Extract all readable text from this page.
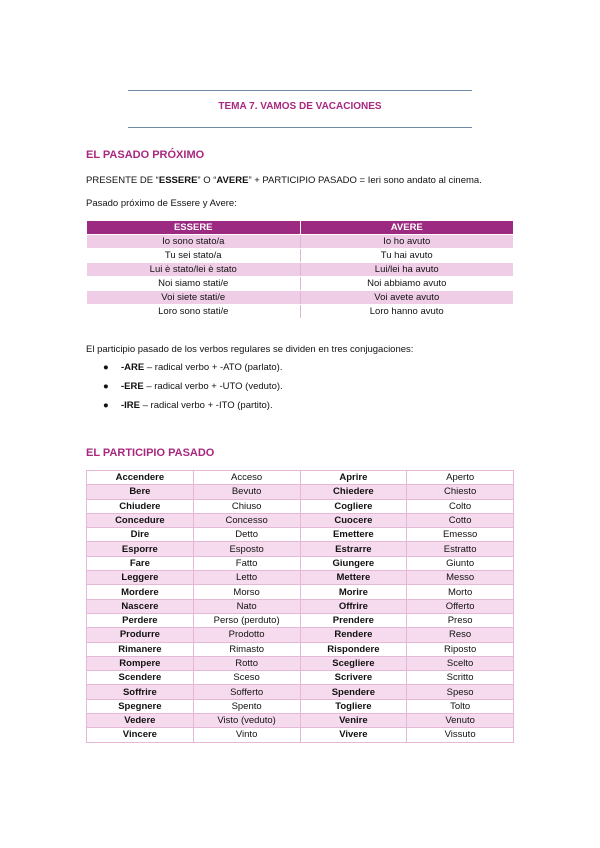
TEMA 7. VAMOS DE VACACIONES
EL PASADO PRÓXIMO
PRESENTE DE “ESSERE” O “AVERE” + PARTICIPIO PASADO = Ieri sono andato al cinema.
Pasado próximo de Essere y Avere:
ESSERE	AVERE
Io sono stato/a	Io ho avuto
Tu sei stato/a	Tu hai avuto
Lui è stato/lei è stato	Lui/lei ha avuto
Noi siamo stati/e	Noi abbiamo avuto
Voi siete stati/e	Voi avete avuto
Loro sono stati/e	Loro hanno avuto
El participio pasado de los verbos regulares se dividen en tres conjugaciones:
● -ARE – radical verbo + -ATO (parlato).
● -ERE – radical verbo + -UTO (veduto).
● -IRE – radical verbo + -ITO (partito).
EL PARTICIPIO PASADO
Accendere	Acceso	Aprire	Aperto
Bere	Bevuto	Chiedere	Chiesto
Chiudere	Chiuso	Cogliere	Colto
Concedure	Concesso	Cuocere	Cotto
Dire	Detto	Emettere	Emesso
Esporre	Esposto	Estrarre	Estratto
Fare	Fatto	Giungere	Giunto
Leggere	Letto	Mettere	Messo
Mordere	Morso	Morire	Morto
Nascere	Nato	Offrire	Offerto
Perdere	Perso (perduto)	Prendere	Preso
Produrre	Prodotto	Rendere	Reso
Rimanere	Rimasto	Rispondere	Riposto
Rompere	Rotto	Scegliere	Scelto
Scendere	Sceso	Scrivere	Scritto
Soffrire	Sofferto	Spendere	Speso
Spegnere	Spento	Togliere	Tolto
Vedere	Visto (veduto)	Venire	Venuto
Vincere	Vinto	Vivere	Vissuto
